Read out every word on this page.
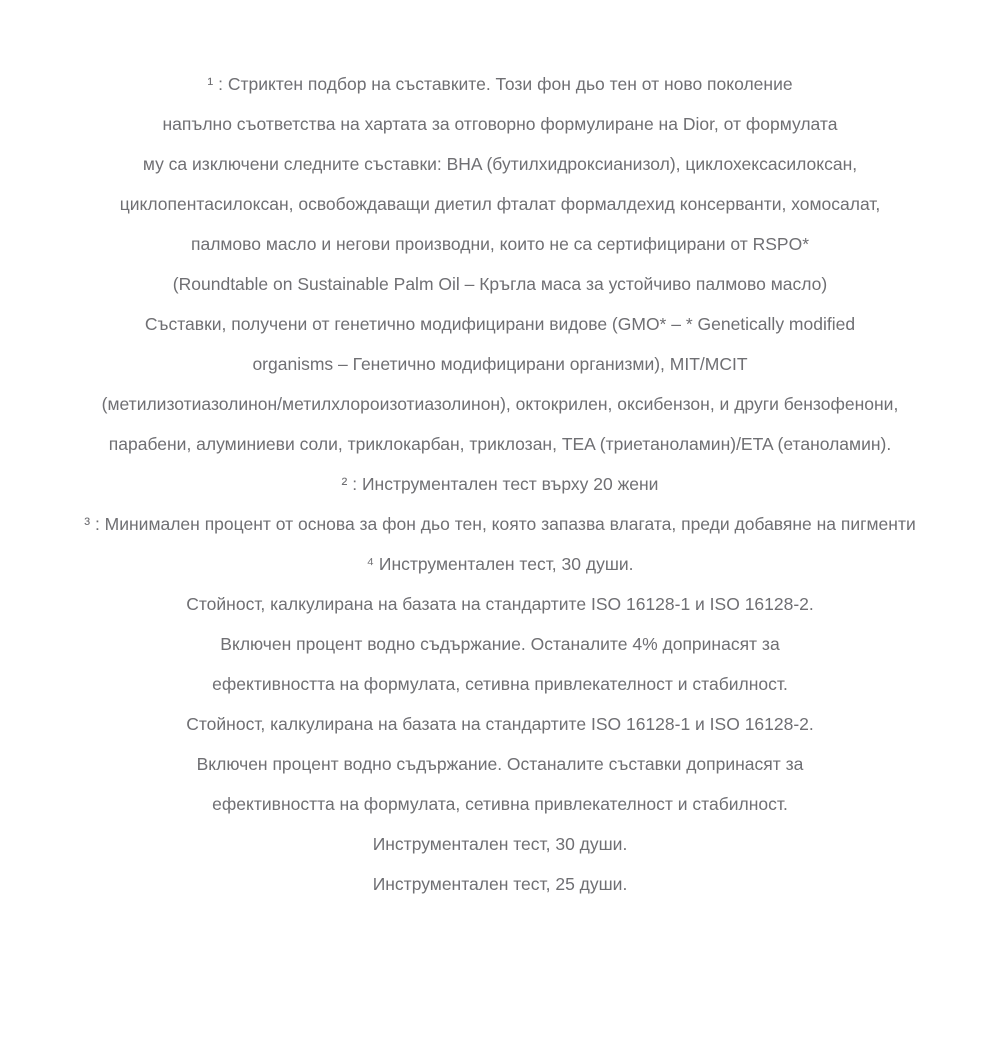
¹ : Стриктен подбор на съставките. Този фон дьо тен от ново поколение
напълно съответства на хартата за отговорно формулиране на Dior, от формулата
му са изключени следните съставки: BHA (бутилхидроксианизол), циклохексасилоксан,
циклопентасилоксан, освобождаващи диетил фталат формалдехид консерванти, хомосалат,
палмово масло и негови производни, които не са сертифицирани от RSPO*
(Roundtable on Sustainable Palm Oil – Кръгла маса за устойчиво палмово масло)
Съставки, получени от генетично модифицирани видове (GMO* – * Genetically modified
organisms – Генетично модифицирани организми), MIT/MCIT
(метилизотиазолинон/метилхлороизотиазолинон), октокрилен, оксибензон, и други бензофенони,
парабени, алуминиеви соли, триклокарбан, триклозан, TEA (триетаноламин)/ETA (етаноламин).
² : Инструментален тест върху 20 жени
³ : Минимален процент от основа за фон дьо тен, която запазва влагата, преди добавяне на пигменти
⁴ Инструментален тест, 30 души.
Стойност, калкулирана на базата на стандартите ISO 16128-1 и ISO 16128-2.
Включен процент водно съдържание. Останалите 4% допринасят за
ефективността на формулата, сетивна привлекателност и стабилност.
Стойност, калкулирана на базата на стандартите ISO 16128-1 и ISO 16128-2.
Включен процент водно съдържание. Останалите съставки допринасят за
ефективността на формулата, сетивна привлекателност и стабилност.
Инструментален тест, 30 души.
Инструментален тест, 25 души.
